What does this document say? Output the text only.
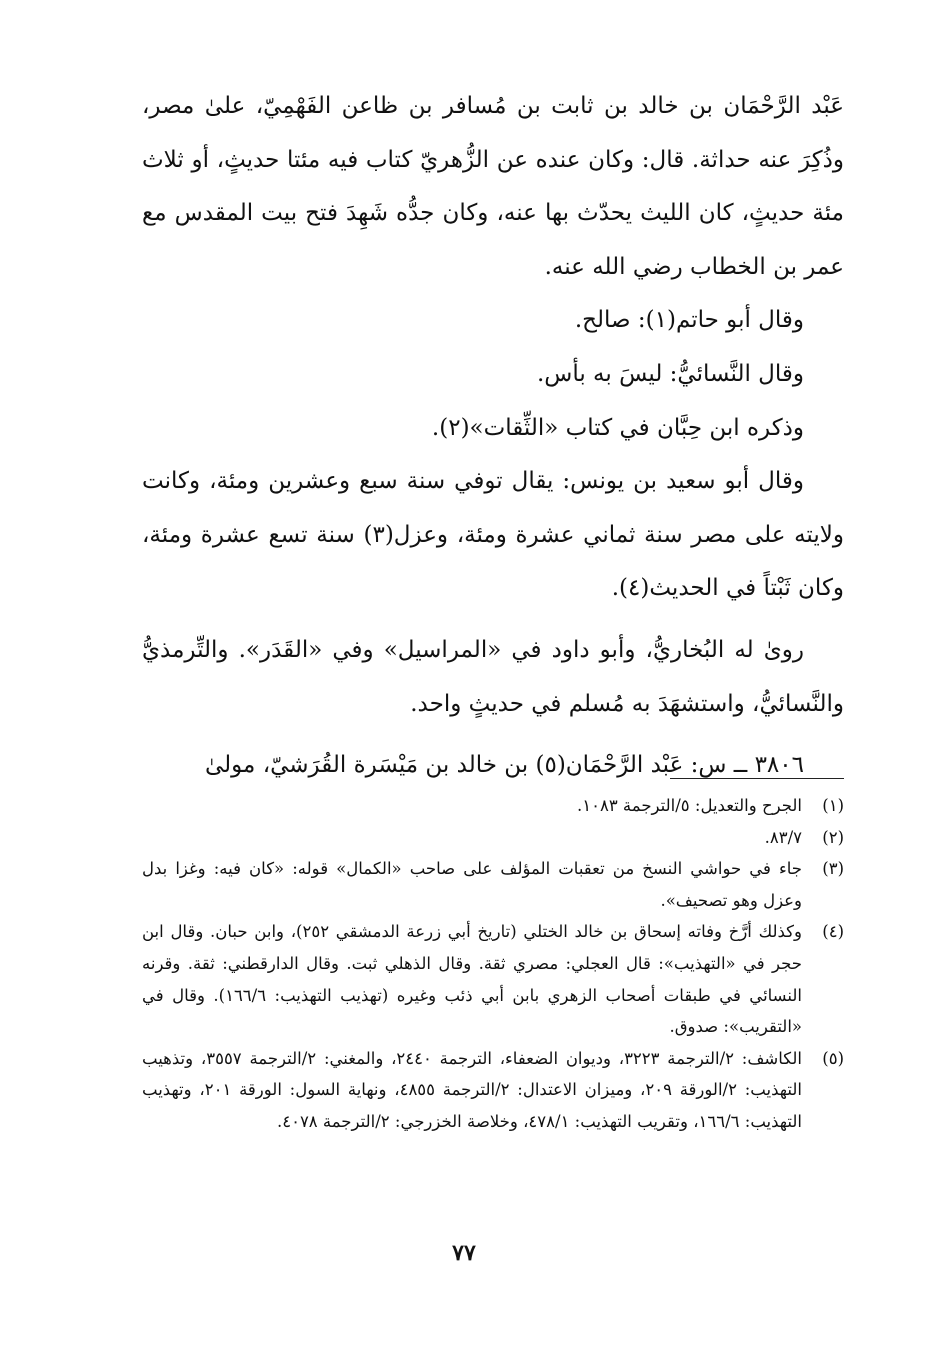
عَبْد الرَّحْمَان بن خالد بن ثابت بن مُسافر بن ظاعن الفَهْمِيّ، علىٰ مصر، وذُكِرَ عنه حداثة. قال: وكان عنده عن الزُّهريّ كتاب فيه مئتا حديثٍ، أو ثلاث مئة حديثٍ، كان الليث يحدّث بها عنه، وكان جدُّه شَهِدَ فتح بيت المقدس مع عمر بن الخطاب رضي الله عنه.

وقال أبو حاتم(١): صالح.

وقال النَّسائيُّ: ليسَ به بأس.

وذكره ابن حِبَّان في كتاب «الثِّقات»(٢).

وقال أبو سعيد بن يونس: يقال توفي سنة سبع وعشرين ومئة، وكانت ولايته على مصر سنة ثماني عشرة ومئة، وعزل(٣) سنة تسع عشرة ومئة، وكان ثَبْتاً في الحديث(٤).

روىٰ له البُخاريُّ، وأبو داود في «المراسيل» وفي «القَدَر». والتِّرمذيُّ والنَّسائيُّ، واستشهَدَ به مُسلم في حديثٍ واحد.

٣٨٠٦ ــ س: عَبْد الرَّحْمَان(٥) بن خالد بن مَيْسَرة القُرَشيّ، مولىٰ

(١)
الجرح والتعديل: ٥/الترجمة ١٠٨٣.
(٢)
٨٣/٧.
(٣)
جاء في حواشي النسخ من تعقبات المؤلف على صاحب «الكمال» قوله: «كان فيه: وغزا بدل وعزل وهو تصحيف».
(٤)
وكذلك أرَّخ وفاته إسحاق بن خالد الختلي (تاريخ أبي زرعة الدمشقي ٢٥٢)، وابن حبان. وقال ابن حجر في «التهذيب»: قال العجلي: مصري ثقة. وقال الذهلي ثبت. وقال الدارقطني: ثقة. وقرنه النسائي في طبقات أصحاب الزهري بابن أبي ذئب وغيره (تهذيب التهذيب: ١٦٦/٦). وقال في «التقريب»: صدوق.
(٥)
الكاشف: ٢/الترجمة ٣٢٢٣، وديوان الضعفاء، الترجمة ٢٤٤٠، والمغني: ٢/الترجمة ٣٥٥٧، وتذهيب التهذيب: ٢/الورقة ٢٠٩، وميزان الاعتدال: ٢/الترجمة ٤٨٥٥، ونهاية السول: الورقة ٢٠١، وتهذيب التهذيب: ١٦٦/٦، وتقريب التهذيب: ٤٧٨/١، وخلاصة الخزرجي: ٢/الترجمة ٤٠٧٨.
٧٧
